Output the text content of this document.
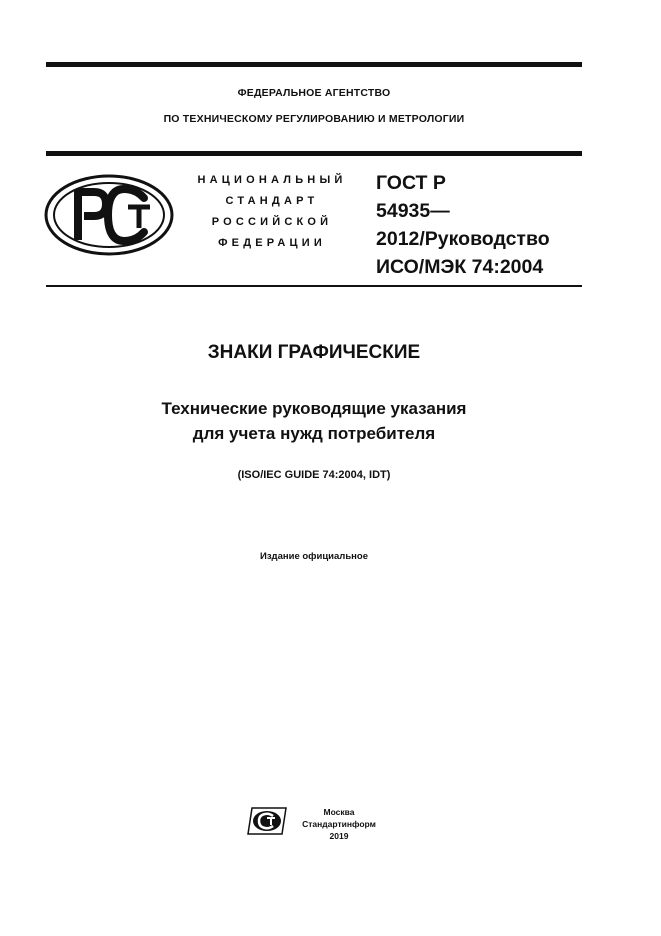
ФЕДЕРАЛЬНОЕ АГЕНТСТВО
ПО ТЕХНИЧЕСКОМУ РЕГУЛИРОВАНИЮ И МЕТРОЛОГИИ
НАЦИОНАЛЬНЫЙ
СТАНДАРТ
РОССИЙСКОЙ
ФЕДЕРАЦИИ
ГОСТ Р
54935—
2012/Руководство
ИСО/МЭК 74:2004
ЗНАКИ ГРАФИЧЕСКИЕ
Технические руководящие указания
для учета нужд потребителя
(ISO/IEC GUIDE 74:2004, IDT)
Издание официальное
Москва
Стандартинформ
2019
